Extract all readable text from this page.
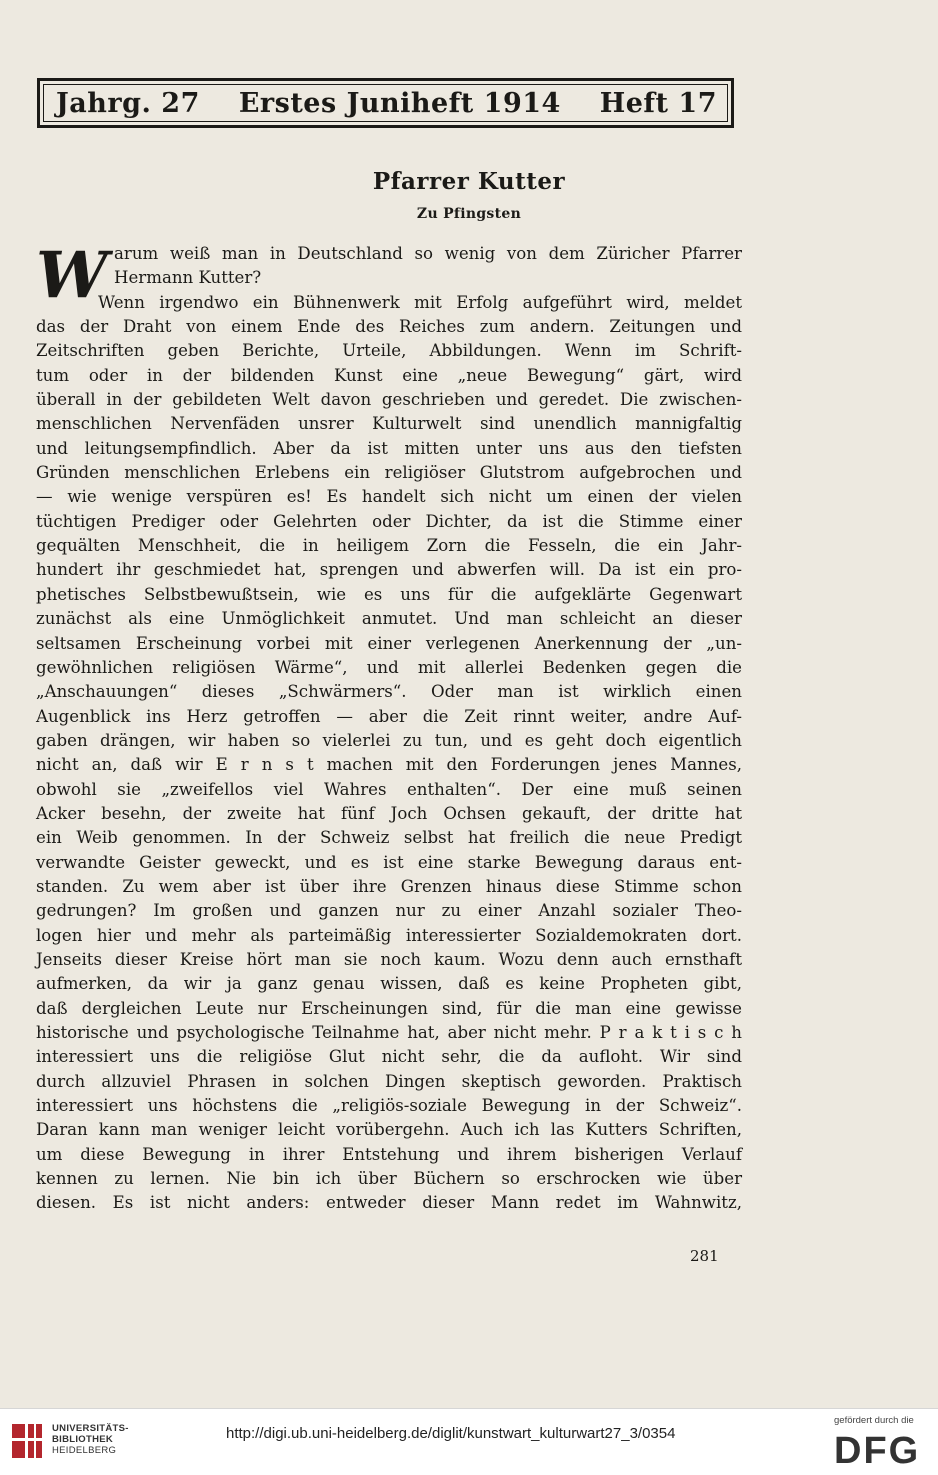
Jahrg. 27 Erstes Juniheft 1914 Heft 17
Pfarrer Kutter
Zu Pfingsten
W arum weiß man in Deutschland so wenig von dem Züricher Pfarrer
Hermann Kutter?
Wenn irgendwo ein Bühnenwerk mit Erfolg aufgeführt wird, meldet
das der Draht von einem Ende des Reiches zum andern. Zeitungen und
Zeitschriften geben Berichte, Urteile, Abbildungen. Wenn im Schrift-
tum oder in der bildenden Kunst eine „neue Bewegung“ gärt, wird
überall in der gebildeten Welt davon geschrieben und geredet. Die zwischen-
menschlichen Nervenfäden unsrer Kulturwelt sind unendlich mannigfaltig
und leitungsempfindlich. Aber da ist mitten unter uns aus den tiefsten
Gründen menschlichen Erlebens ein religiöser Glutstrom aufgebrochen und
— wie wenige verspüren es! Es handelt sich nicht um einen der vielen
tüchtigen Prediger oder Gelehrten oder Dichter, da ist die Stimme einer
gequälten Menschheit, die in heiligem Zorn die Fesseln, die ein Jahr-
hundert ihr geschmiedet hat, sprengen und abwerfen will. Da ist ein pro-
phetisches Selbstbewußtsein, wie es uns für die aufgeklärte Gegenwart
zunächst als eine Unmöglichkeit anmutet. Und man schleicht an dieser
seltsamen Erscheinung vorbei mit einer verlegenen Anerkennung der „un-
gewöhnlichen religiösen Wärme“, und mit allerlei Bedenken gegen die
„Anschauungen“ dieses „Schwärmers“. Oder man ist wirklich einen
Augenblick ins Herz getroffen — aber die Zeit rinnt weiter, andre Auf-
gaben drängen, wir haben so vielerlei zu tun, und es geht doch eigentlich
nicht an, daß wir E r n s t machen mit den Forderungen jenes Mannes,
obwohl sie „zweifellos viel Wahres enthalten“. Der eine muß seinen
Acker besehn, der zweite hat fünf Joch Ochsen gekauft, der dritte hat
ein Weib genommen. In der Schweiz selbst hat freilich die neue Predigt
verwandte Geister geweckt, und es ist eine starke Bewegung daraus ent-
standen. Zu wem aber ist über ihre Grenzen hinaus diese Stimme schon
gedrungen? Im großen und ganzen nur zu einer Anzahl sozialer Theo-
logen hier und mehr als parteimäßig interessierter Sozialdemokraten dort.
Jenseits dieser Kreise hört man sie noch kaum. Wozu denn auch ernsthaft
aufmerken, da wir ja ganz genau wissen, daß es keine Propheten gibt,
daß dergleichen Leute nur Erscheinungen sind, für die man eine gewisse
historische und psychologische Teilnahme hat, aber nicht mehr. P r a k t i s c h
interessiert uns die religiöse Glut nicht sehr, die da aufloht. Wir sind
durch allzuviel Phrasen in solchen Dingen skeptisch geworden. Praktisch
interessiert uns höchstens die „religiös-soziale Bewegung in der Schweiz“.
Daran kann man weniger leicht vorübergehn. Auch ich las Kutters Schriften,
um diese Bewegung in ihrer Entstehung und ihrem bisherigen Verlauf
kennen zu lernen. Nie bin ich über Büchern so erschrocken wie über
diesen. Es ist nicht anders: entweder dieser Mann redet im Wahnwitz,
281
UNIVERSITÄTS-
BIBLIOTHEK
HEIDELBERG
http://digi.ub.uni-heidelberg.de/diglit/kunstwart_kulturwart27_3/0354
gefördert durch die
DFG
